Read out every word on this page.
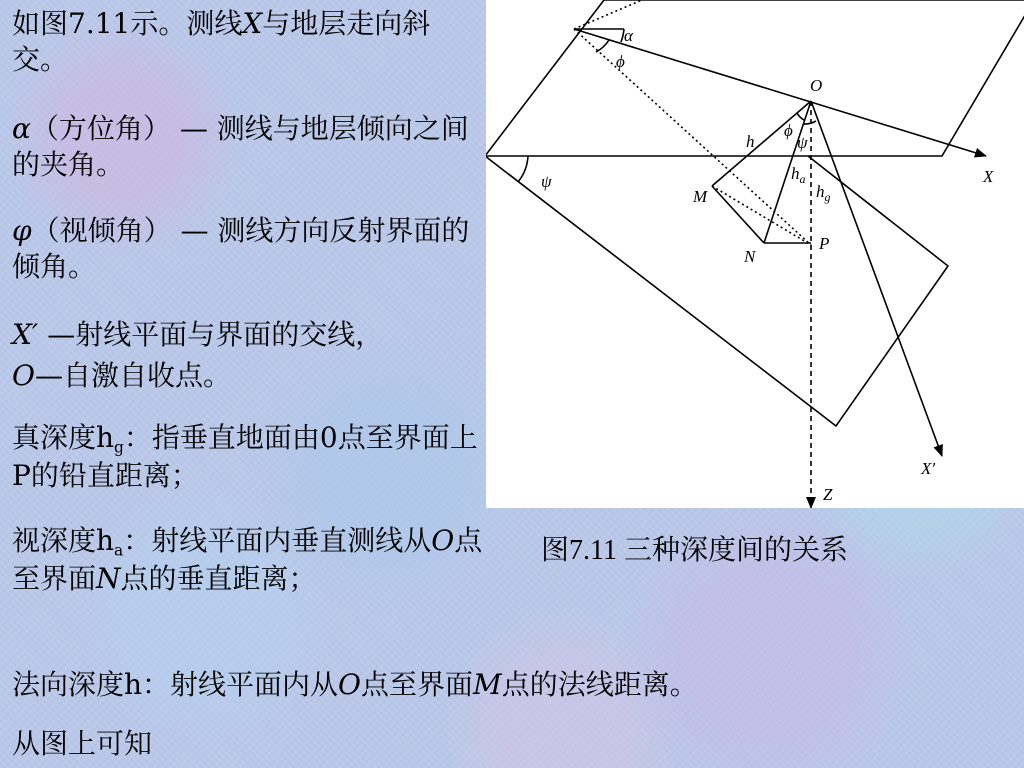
如图7.11示。测线X与地层走向斜交。
α（方位角） — 测线与地层倾向之间的夹角。
φ（视倾角） — 测线方向反射界面的倾角。
X′ —射线平面与界面的交线，
O—自激自收点。
真深度$h_g$：指垂直地面由0点至界面上P的铅直距离；
视深度$h_a$：射线平面内垂直测线从O点至界面N点的垂直距离；
法向深度h：射线平面内从O点至界面M点的法线距离。
从图上可知
α
ϕ
O
ϕ
ψ
h
$h_a$
$h_g$
M
N
P
ψ	X
X′
Z
图7.11 三种深度间的关系
